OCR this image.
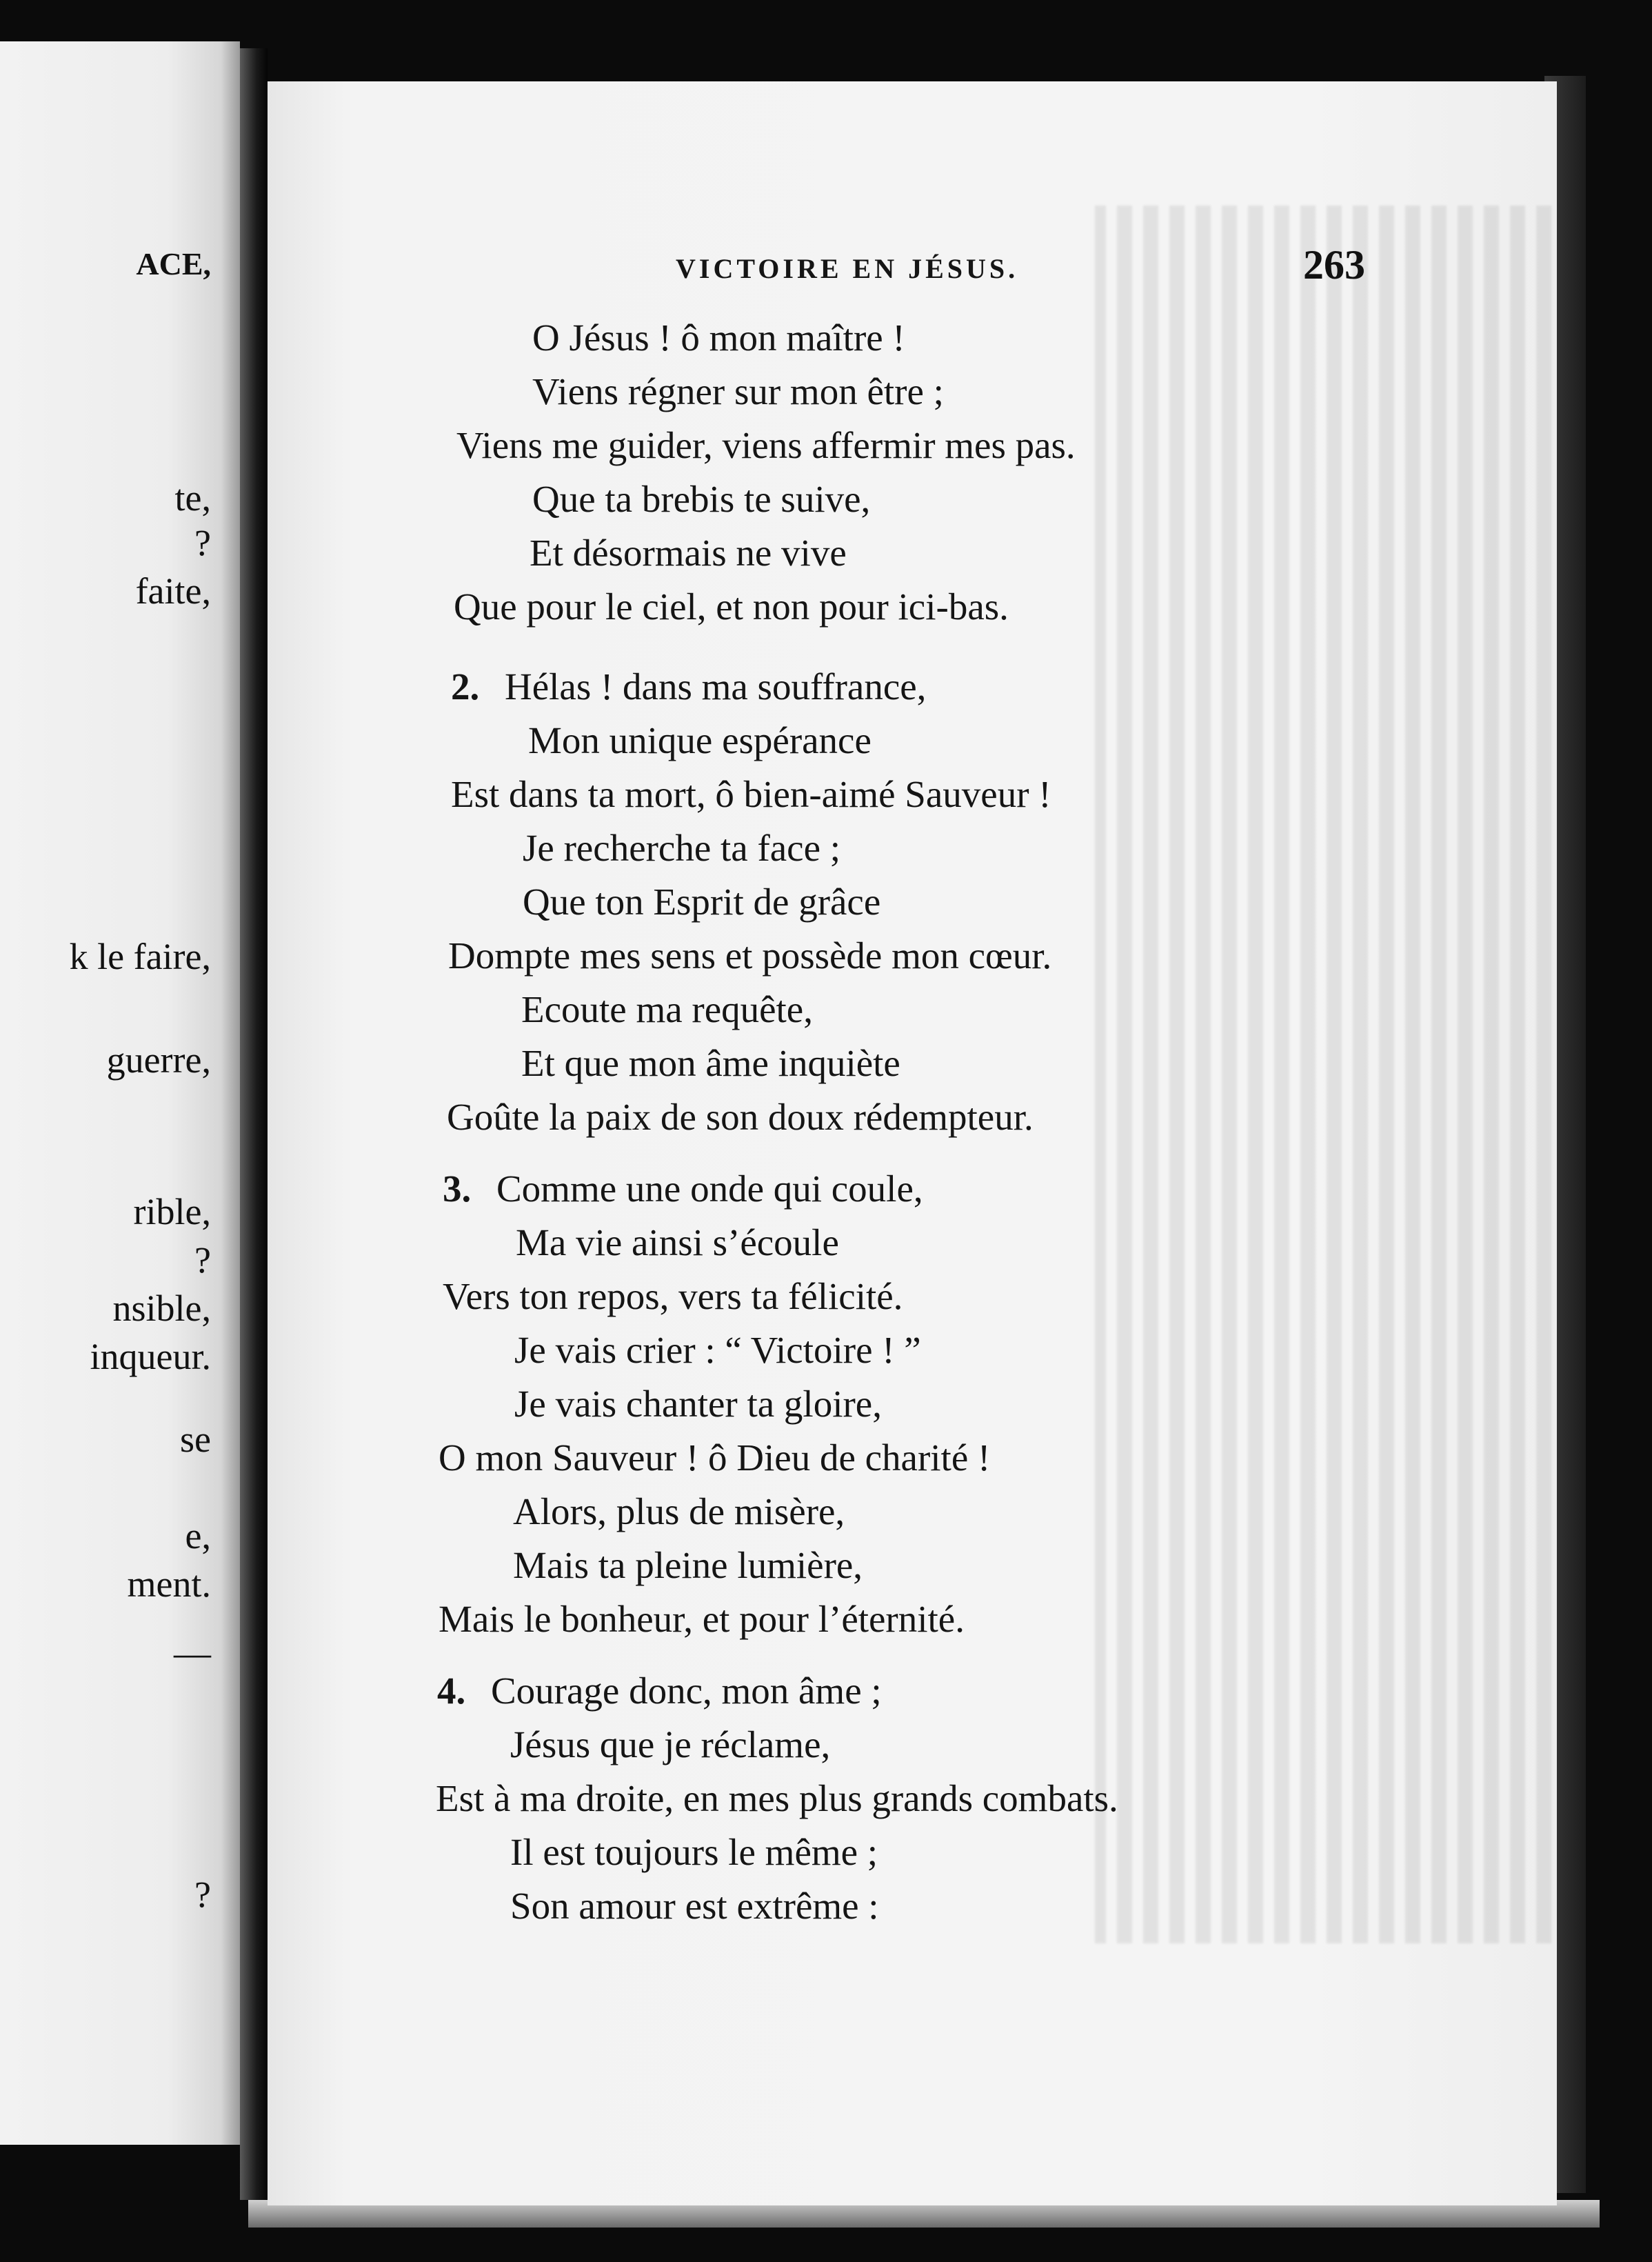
ACE,
te,
?
faite,
k le faire,
guerre,
rible,
?
nsible,
inqueur.
se
e,
ment.
—
?
VICTOIRE EN JÉSUS.	263
O Jésus ! ô mon maître !
Viens régner sur mon être ;
Viens me guider, viens affermir mes pas.
Que ta brebis te suive,
Et désormais ne vive
Que pour le ciel, et non pour ici-bas.
2. Hélas ! dans ma souffrance,
Mon unique espérance
Est dans ta mort, ô bien-aimé Sauveur !
Je recherche ta face ;
Que ton Esprit de grâce
Dompte mes sens et possède mon cœur.
Ecoute ma requête,
Et que mon âme inquiète
Goûte la paix de son doux rédempteur.
3. Comme une onde qui coule,
Ma vie ainsi s’écoule
Vers ton repos, vers ta félicité.
Je vais crier : “ Victoire ! ”
Je vais chanter ta gloire,
O mon Sauveur ! ô Dieu de charité !
Alors, plus de misère,
Mais ta pleine lumière,
Mais le bonheur, et pour l’éternité.
4. Courage donc, mon âme ;
Jésus que je réclame,
Est à ma droite, en mes plus grands combats.
Il est toujours le même ;
Son amour est extrême :
